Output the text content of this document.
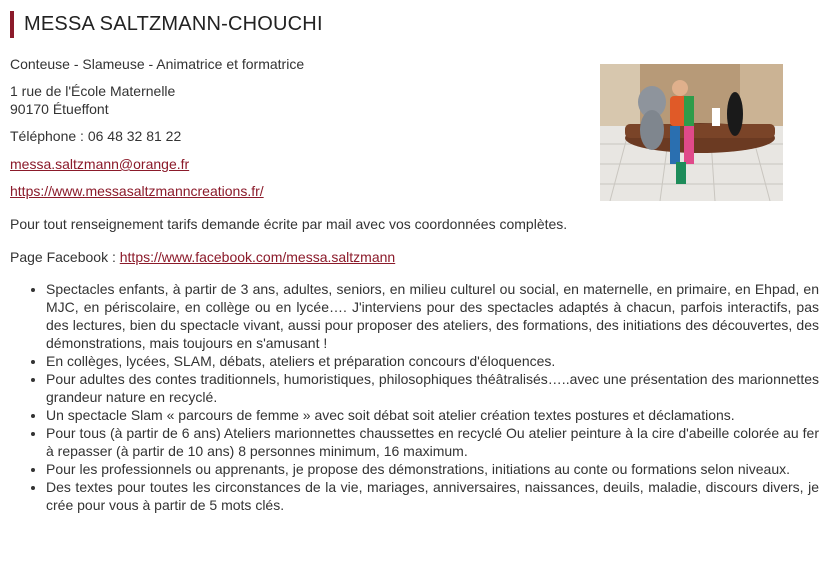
MESSA SALTZMANN-CHOUCHI
Conteuse - Slameuse - Animatrice et formatrice
1 rue de l'École Maternelle
90170 Étueffont
Téléphone : 06 48 32 81 22
messa.saltzmann@orange.fr
https://www.messasaltzmanncreations.fr/
Pour tout renseignement tarifs demande écrite par mail avec vos coordonnées complètes.
Page Facebook : https://www.facebook.com/messa.saltzmann
• Spectacles enfants, à partir de 3 ans, adultes, seniors, en milieu culturel ou social, en maternelle, en primaire, en Ehpad, en MJC, en périscolaire, en collège ou en lycée…. J'interviens pour des spectacles adaptés à chacun, parfois interactifs, pas des lectures, bien du spectacle vivant, aussi pour proposer des ateliers, des formations, des initiations des découvertes, des démonstrations, mais toujours en s'amusant !
• En collèges, lycées, SLAM, débats, ateliers et préparation concours d'éloquences.
• Pour adultes des contes traditionnels, humoristiques, philosophiques théâtralisés…..avec une présentation des marionnettes grandeur nature en recyclé.
• Un spectacle Slam « parcours de femme » avec soit débat soit atelier création textes postures et déclamations.
• Pour tous (à partir de 6 ans) Ateliers marionnettes chaussettes en recyclé Ou atelier peinture à la cire d'abeille colorée au fer à repasser (à partir de 10 ans) 8 personnes minimum, 16 maximum.
• Pour les professionnels ou apprenants, je propose des démonstrations, initiations au conte ou formations selon niveaux.
• Des textes pour toutes les circonstances de la vie, mariages, anniversaires, naissances, deuils, maladie, discours divers, je crée pour vous à partir de 5 mots clés.
